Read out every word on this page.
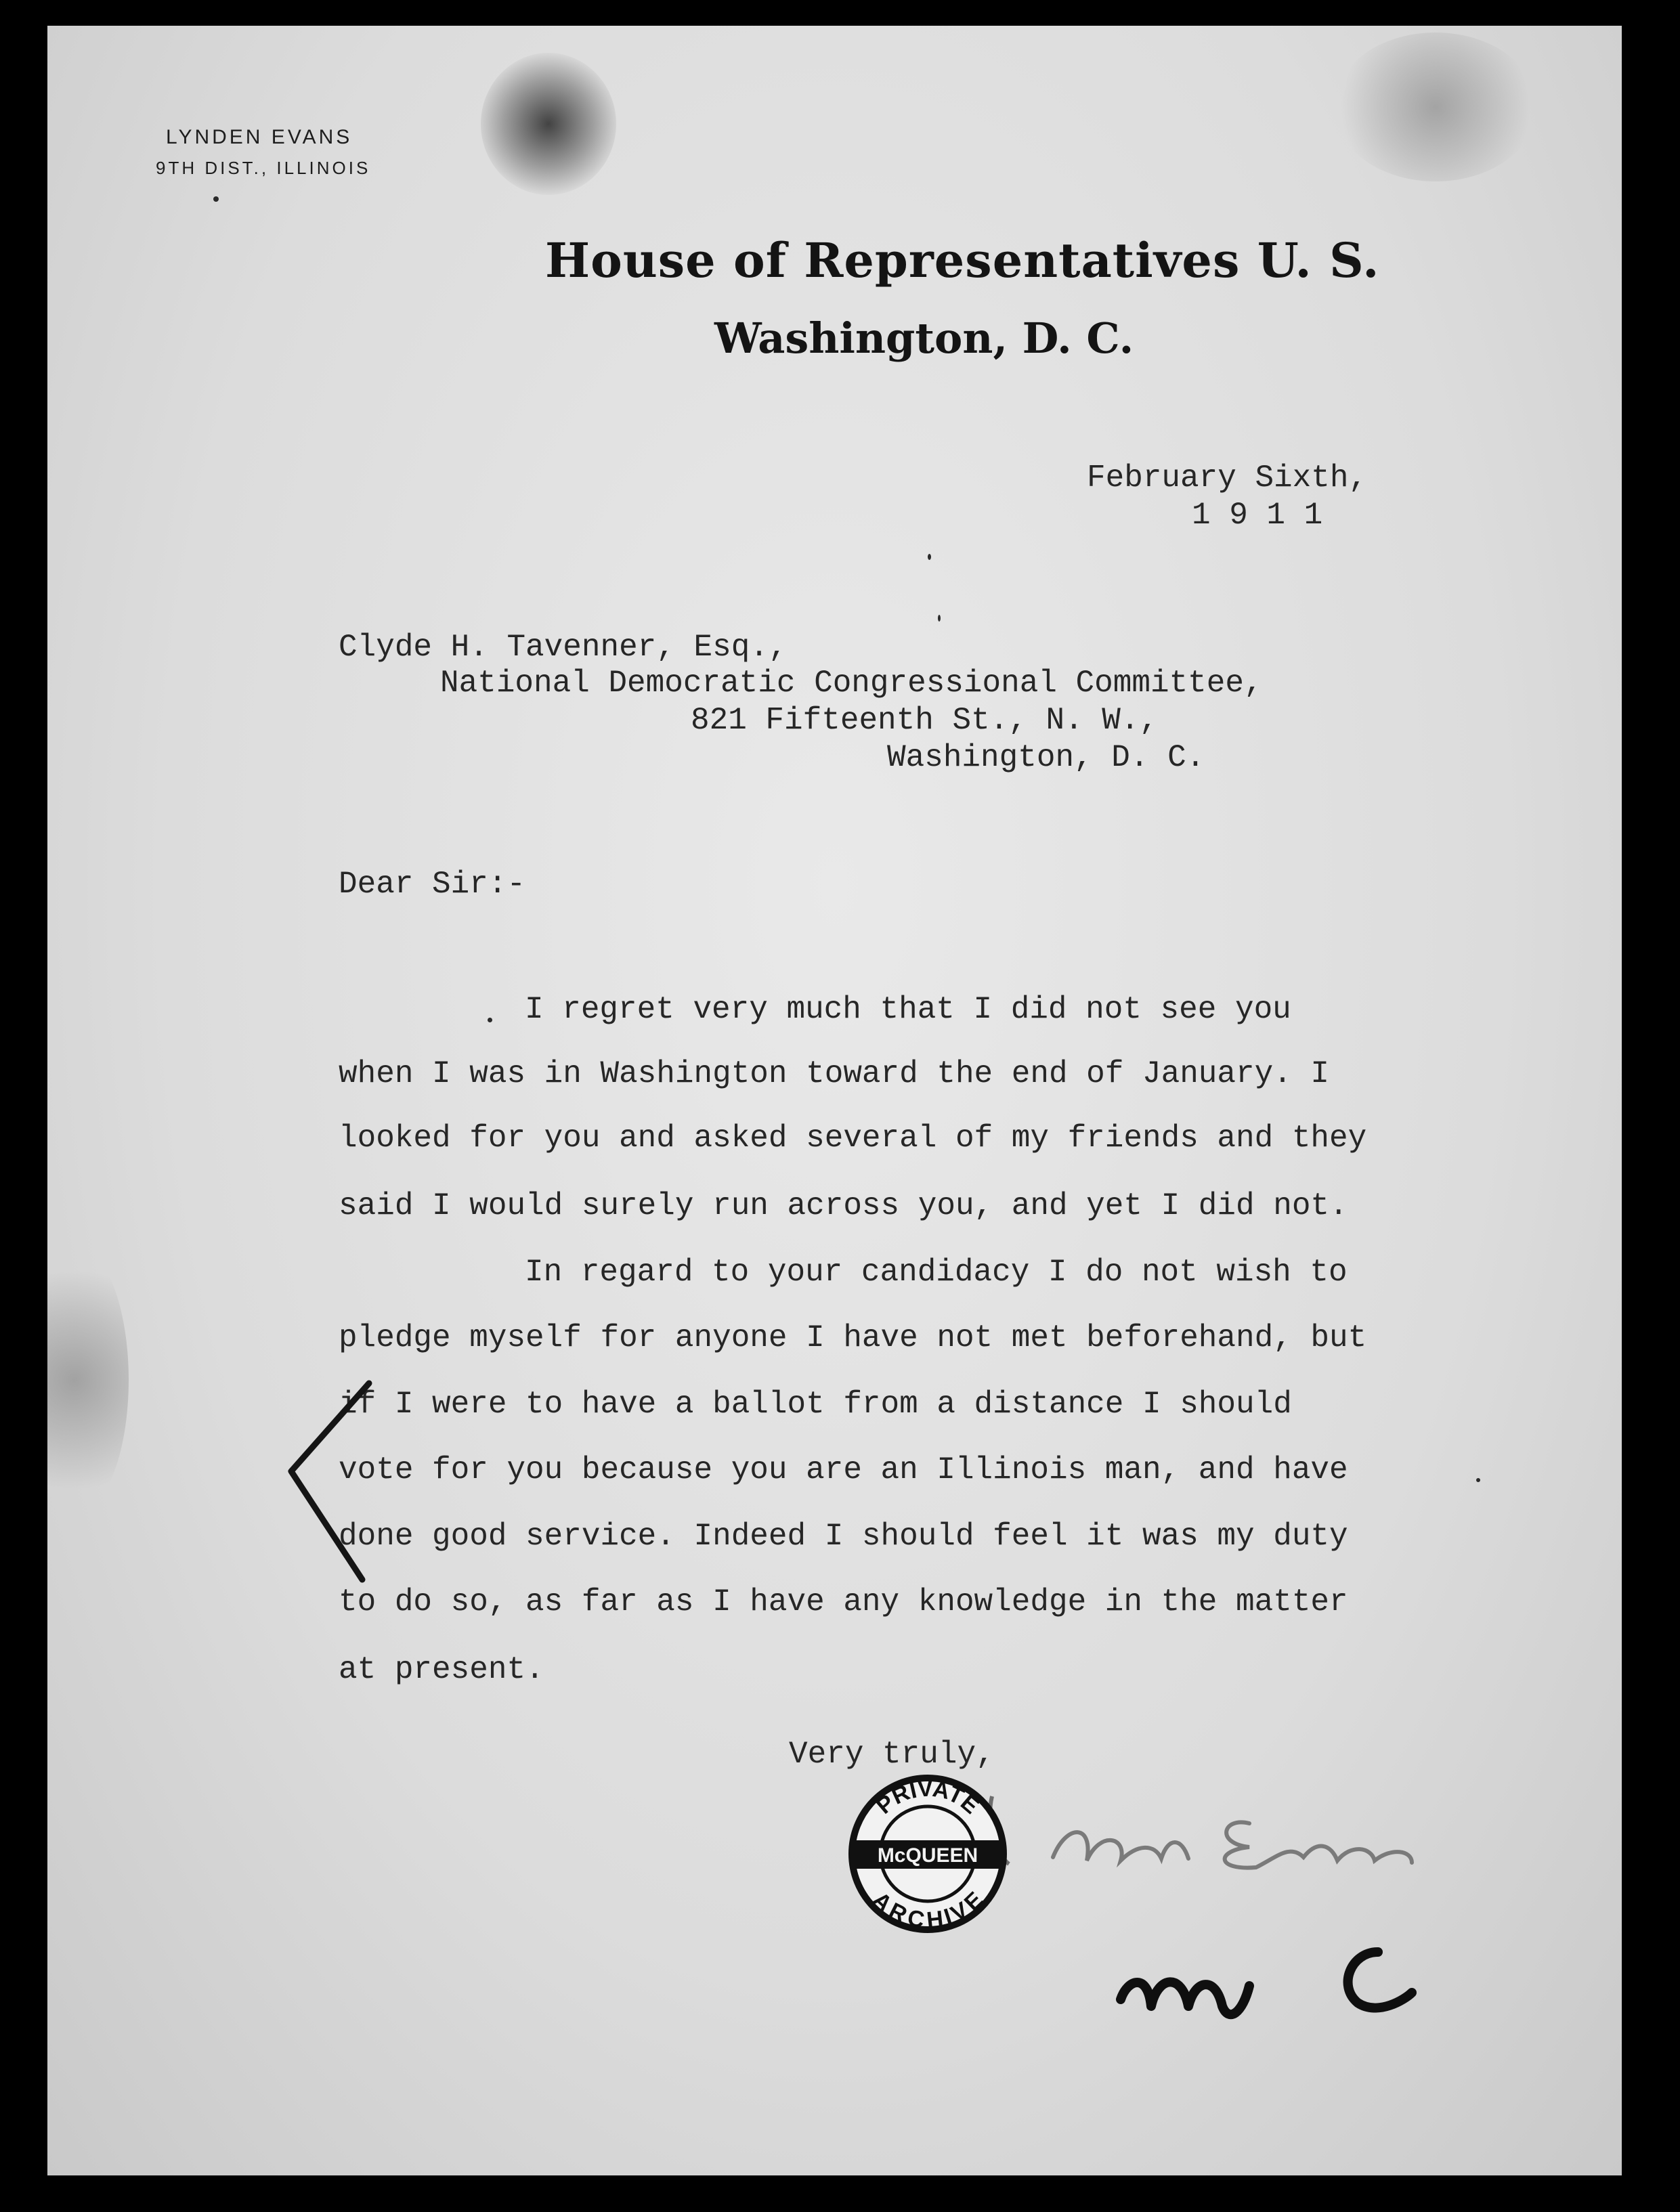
LYNDEN EVANS
9TH DIST., ILLINOIS
House of Representatives U. S.
Washington, D. C.
February Sixth,
1 9 1 1
Clyde H. Tavenner, Esq.,
National Democratic Congressional Committee,
821 Fifteenth St., N. W.,
Washington, D. C.
Dear Sir:-
I regret very much that I did not see you
when I was in Washington toward the end of January. I
looked for you and asked several of my friends and they
said I would surely run across you, and yet I did not.
In regard to your candidacy I do not wish to
pledge myself for anyone I have not met beforehand, but
if I were to have a ballot from a distance I should
vote for you because you are an Illinois man, and have
done good service. Indeed I should feel it was my duty
to do so, as far as I have any knowledge in the matter
at present.
Very truly,
PRIVATE
McQUEEN
ARCHIVE
